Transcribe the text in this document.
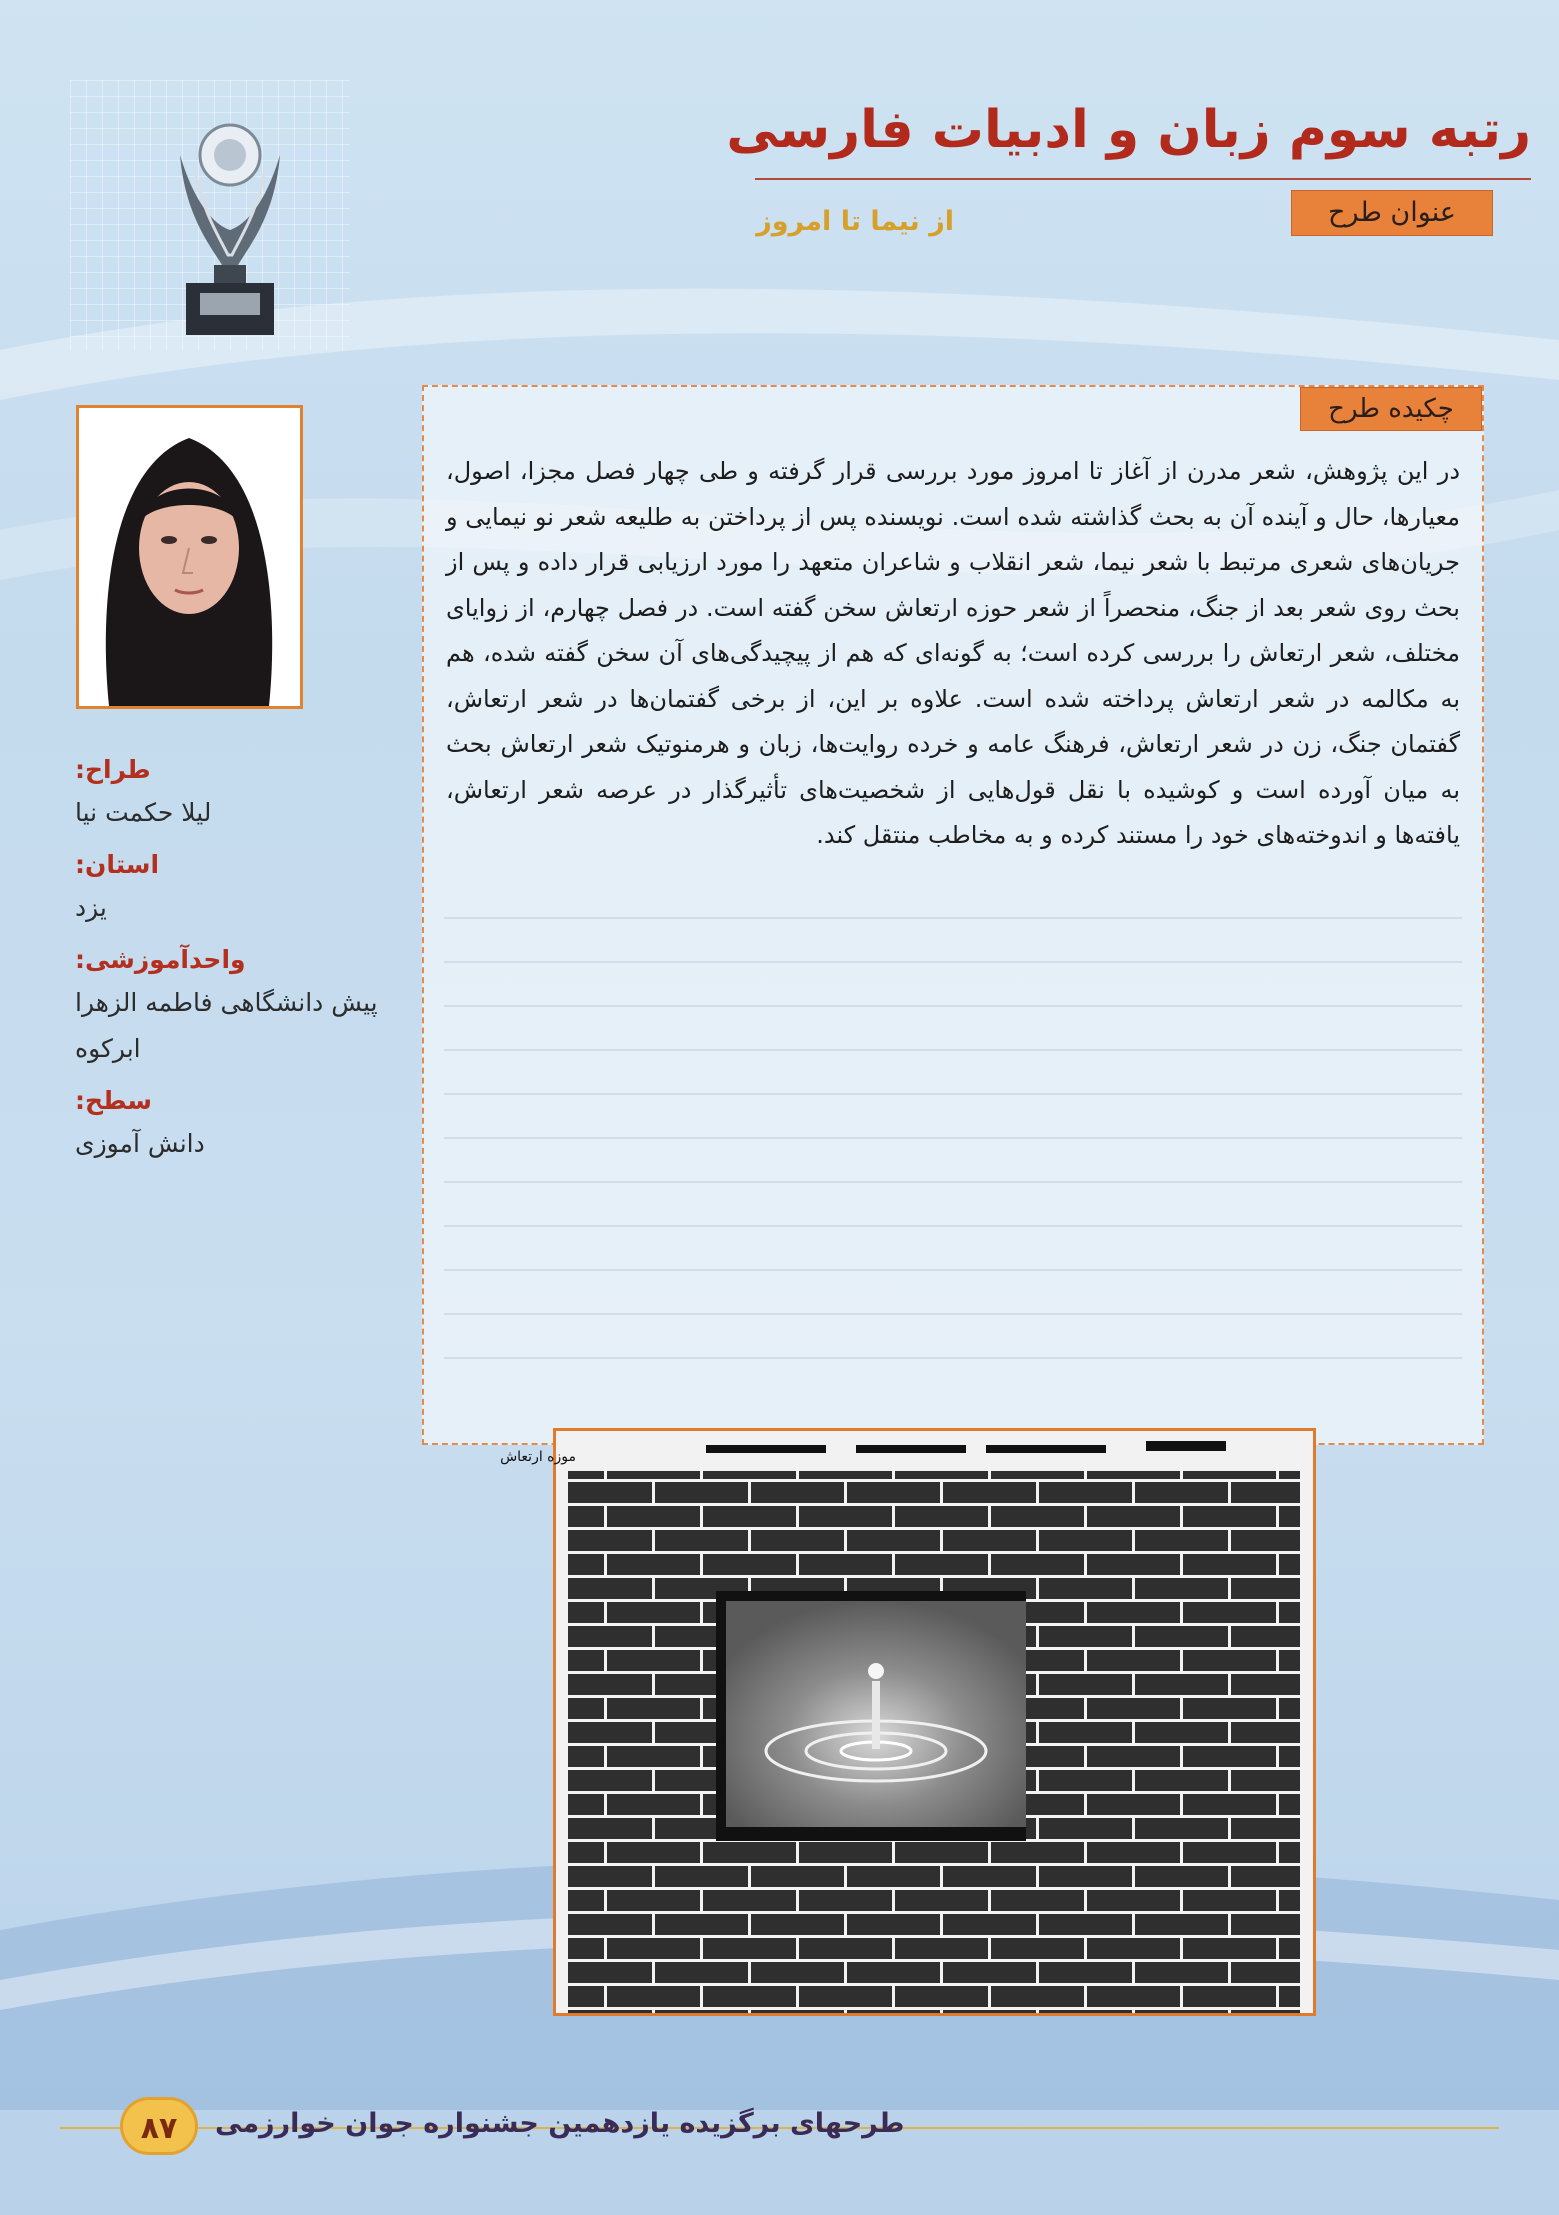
رتبه سوم زبان و ادبیات فارسی
عنوان طرح
از نیما تا امروز

طراح:

لیلا حکمت نیا

استان:

یزد

واحدآموزشی:

پیش دانشگاهی فاطمه الزهرا ابرکوه

سطح:

دانش آموزی

چکیده طرح
در این پژوهش، شعر مدرن از آغاز تا امروز مورد بررسی قرار گرفته و طی چهار فصل مجزا، اصول، معیارها، حال و آینده آن به بحث گذاشته شده است. نویسنده پس از پرداختن به طلیعه شعر نو نیمایی و جریان‌های شعری مرتبط با شعر نیما، شعر انقلاب و شاعران متعهد را مورد ارزیابی قرار داده و پس از بحث روی شعر بعد از جنگ، منحصراً از شعر حوزه ارتعاش سخن گفته است. در فصل چهارم، از زوایای مختلف، شعر ارتعاش را بررسی کرده است؛ به گونه‌ای که هم از پیچیدگی‌های آن سخن گفته شده، هم به مکالمه در شعر ارتعاش پرداخته شده است. علاوه بر این، از برخی گفتمان‌ها در شعر ارتعاش، گفتمان جنگ، زن در شعر ارتعاش، فرهنگ عامه و خرده روایت‌ها، زبان و هرمنوتیک شعر ارتعاش بحث به میان آورده است و کوشیده با نقل قول‌هایی از شخصیت‌های تأثیرگذار در عرصه شعر ارتعاش، یافته‌ها و اندوخته‌های خود را مستند کرده و به مخاطب منتقل کند.
موزه ارتعاش
۸۷	طرحهای برگزیده یازدهمین جشنواره جوان خوارزمی
